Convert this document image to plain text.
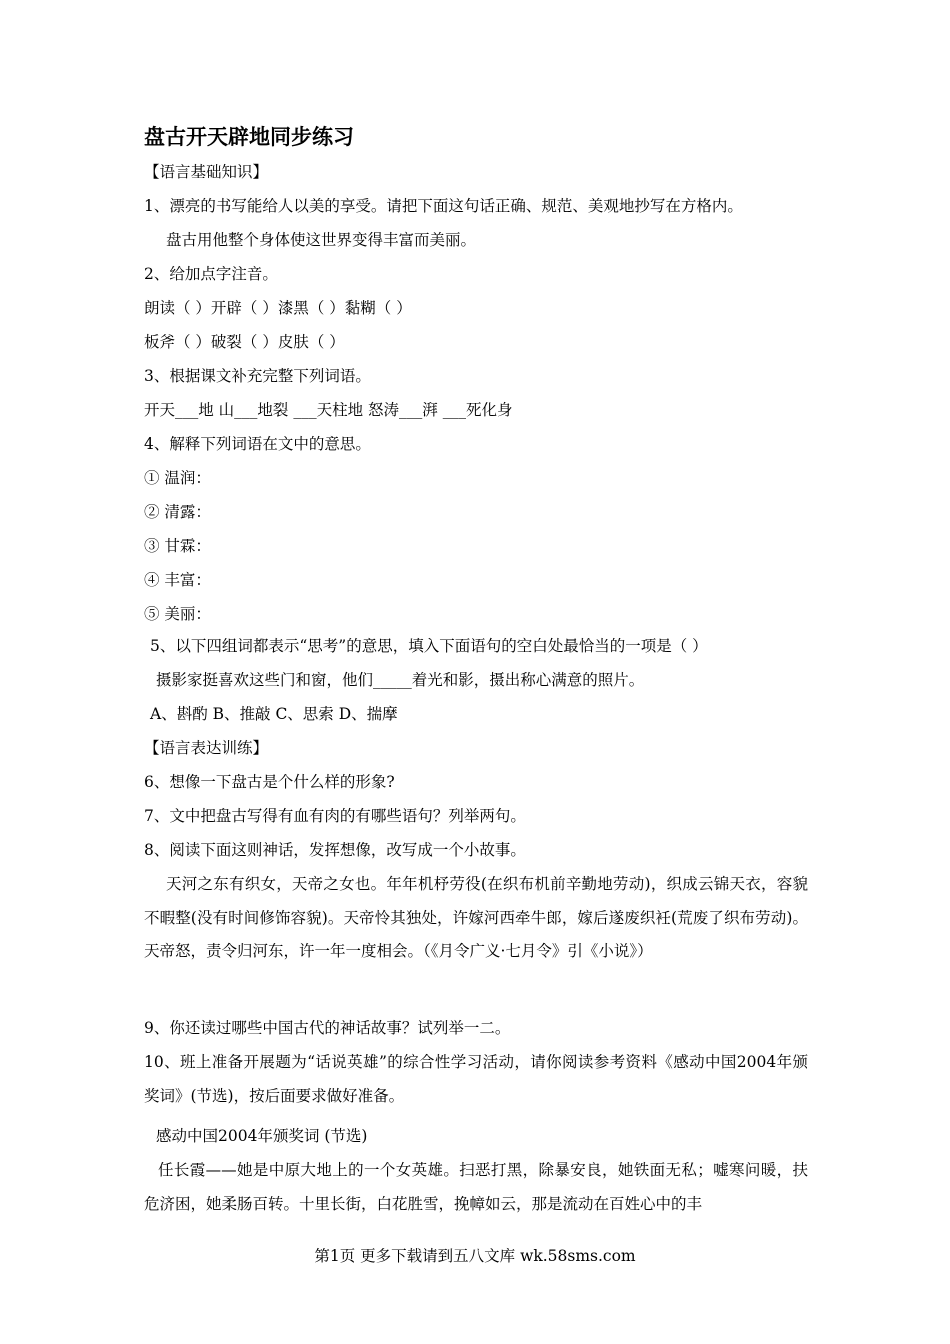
盘古开天辟地同步练习
【语言基础知识】
1、漂亮的书写能给人以美的享受。请把下面这句话正确、规范、美观地抄写在方格内。
盘古用他整个身体使这世界变得丰富而美丽。
2、给加点字注音。
朗读（ ）开辟（ ）漆黑（ ）黏糊（ ）
板斧（ ）破裂（ ）皮肤（ ）
3、根据课文补充完整下列词语。
开天___地 山___地裂 ___天柱地 怒涛___湃 ___死化身
4、解释下列词语在文中的意思。
① 温润：
② 清露：
③ 甘霖：
④ 丰富：
⑤ 美丽：
5、以下四组词都表示“思考”的意思，填入下面语句的空白处最恰当的一项是（ ）
摄影家挺喜欢这些门和窗，他们_____着光和影，摄出称心满意的照片。
A、斟酌 B、推敲 C、思索 D、揣摩
【语言表达训练】
6、想像一下盘古是个什么样的形象?
7、文中把盘古写得有血有肉的有哪些语句？列举两句。
8、阅读下面这则神话，发挥想像，改写成一个小故事。
天河之东有织女，天帝之女也。年年机杼劳役(在织布机前辛勤地劳动)，织成云锦天衣，容貌不暇整(没有时间修饰容貌)。天帝怜其独处，许嫁河西牵牛郎，嫁后遂废织衽(荒废了织布劳动)。天帝怒，责令归河东，许一年一度相会。（《月令广义·七月令》引《小说》）
9、你还读过哪些中国古代的神话故事？试列举一二。
10、班上准备开展题为“话说英雄”的综合性学习活动，请你阅读参考资料《感动中国2004年颁奖词》(节选)，按后面要求做好准备。
感动中国2004年颁奖词 (节选)
任长霞——她是中原大地上的一个女英雄。扫恶打黑，除暴安良，她铁面无私；嘘寒问暖，扶危济困，她柔肠百转。十里长街，白花胜雪，挽幛如云，那是流动在百姓心中的丰
第1页 更多下载请到五八文库 wk.58sms.com
